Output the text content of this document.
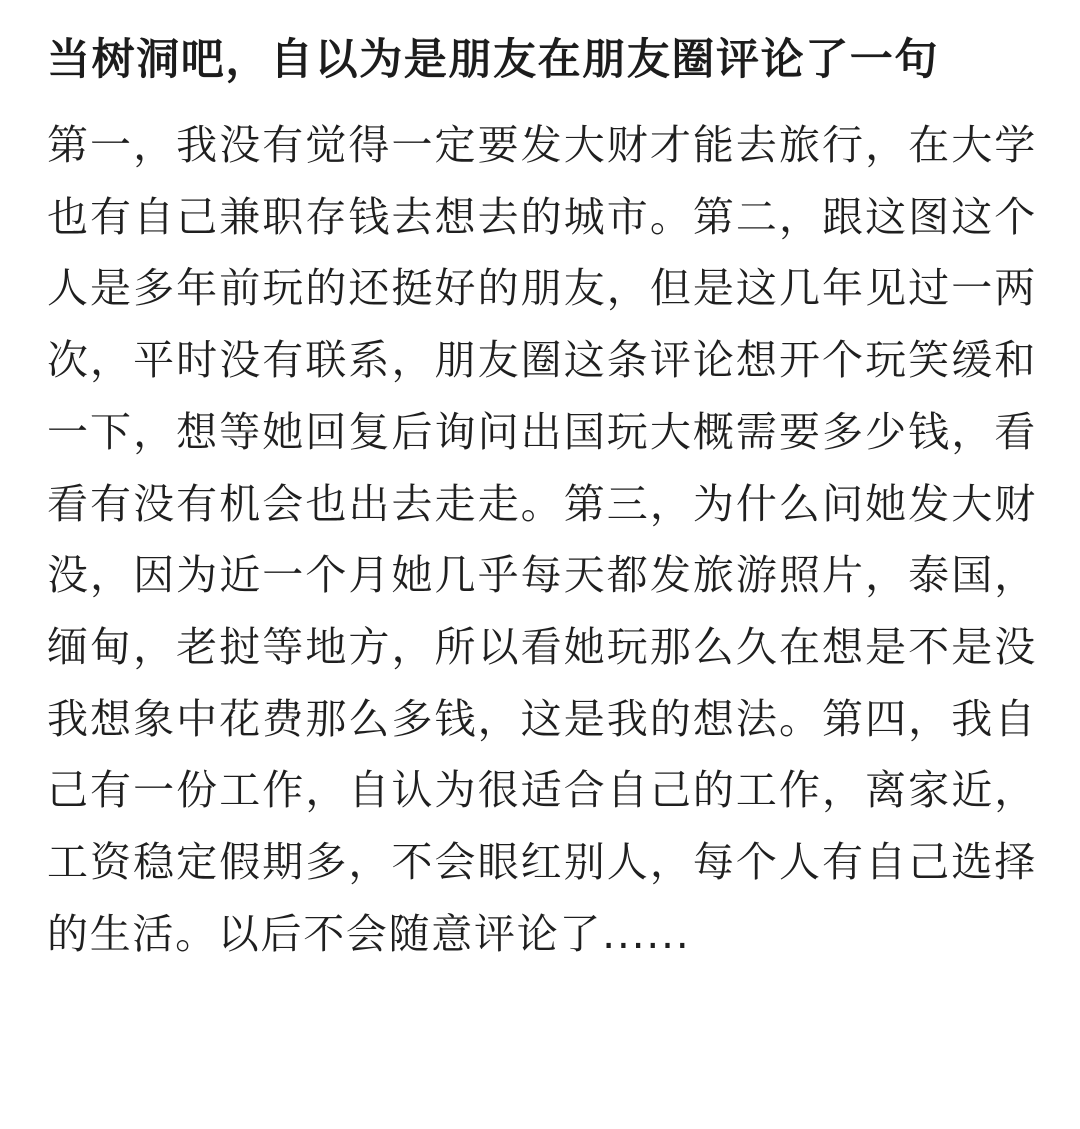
当树洞吧，自以为是朋友在朋友圈评论了一句

第一，我没有觉得一定要发大财才能去旅行，在大学也有自己兼职存钱去想去的城市。第二，跟这图这个人是多年前玩的还挺好的朋友，但是这几年见过一两次，平时没有联系，朋友圈这条评论想开个玩笑缓和一下，想等她回复后询问出国玩大概需要多少钱，看看有没有机会也出去走走。第三，为什么问她发大财没，因为近一个月她几乎每天都发旅游照片，泰国，缅甸，老挝等地方，所以看她玩那么久在想是不是没我想象中花费那么多钱，这是我的想法。第四，我自己有一份工作，自认为很适合自己的工作，离家近，工资稳定假期多，不会眼红别人，每个人有自己选择的生活。以后不会随意评论了......
